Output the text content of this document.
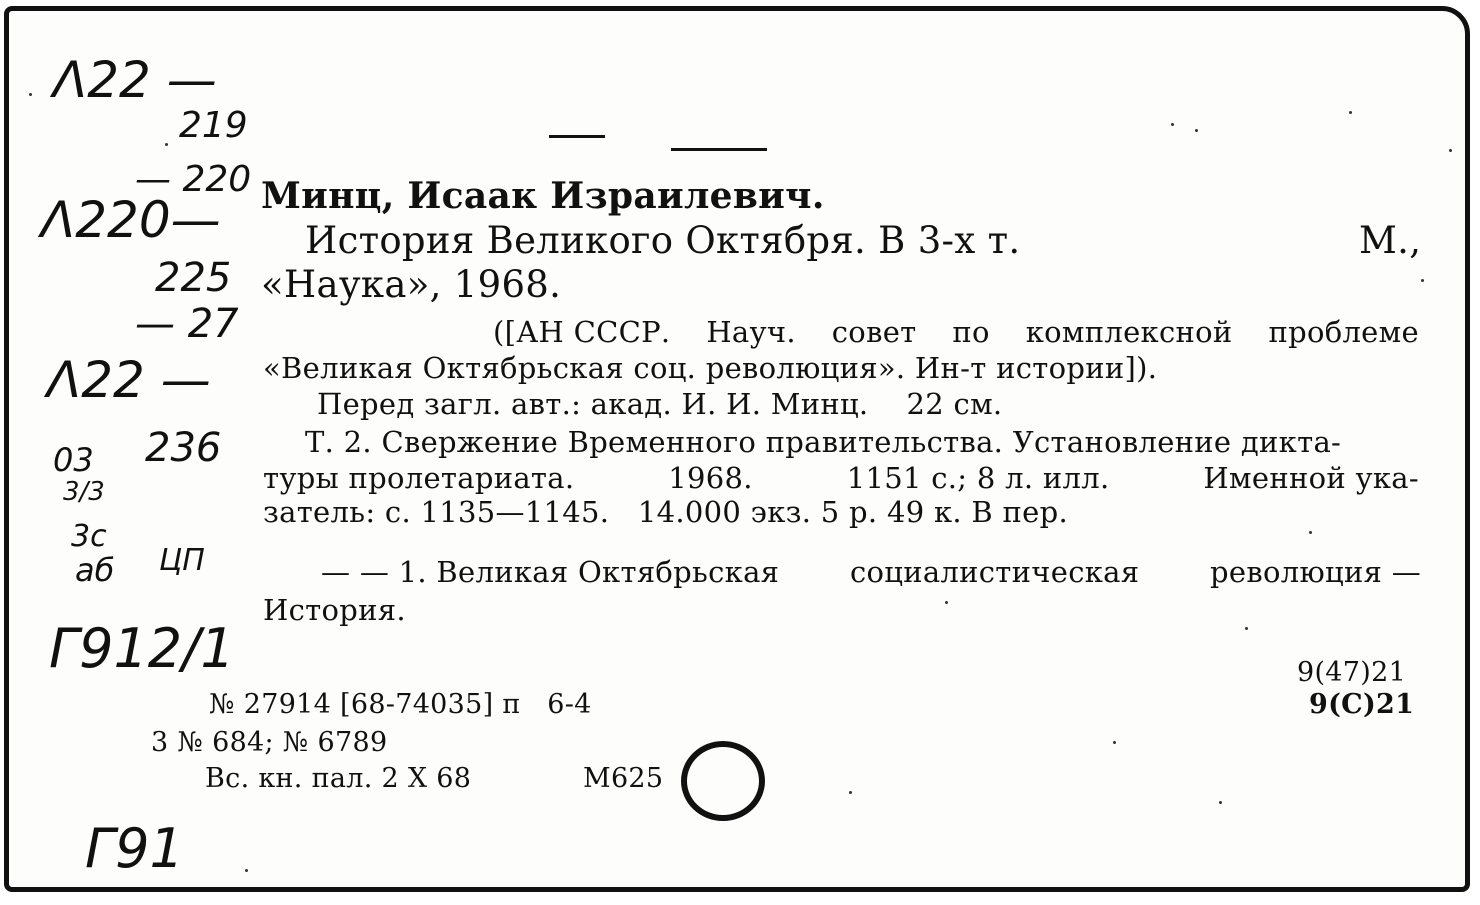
Λ22 —
219
— 220
Λ220—
225
— 27
Λ22 —
03 236
3/3
3с
аб ЦП
Г912/1
Г91
Минц, Исаак Израилевич.
История Великого Октября. В 3-х т.	М.,
«Наука», 1968.
([АН СССР. Науч. совет по комплексной проблеме
«Великая Октябрьская соц. революция». Ин-т истории]).
Перед загл. авт.: акад. И. И. Минц.    22 см.
Т. 2. Свержение Временного правительства. Установление дикта-
туры пролетариата.	1968.	1151 с.; 8 л. илл.	Именной ука-
затель: с. 1135—1145.   14.000 экз. 5 р. 49 к. В пер.
— — 1. Великая Октябрьская социалистическая революция —
История.
9(47)21
9(С)21
№ 27914 [68-74035] п   6-4
3 № 684; № 6789
Вс. кн. пал. 2 X 68	М625
